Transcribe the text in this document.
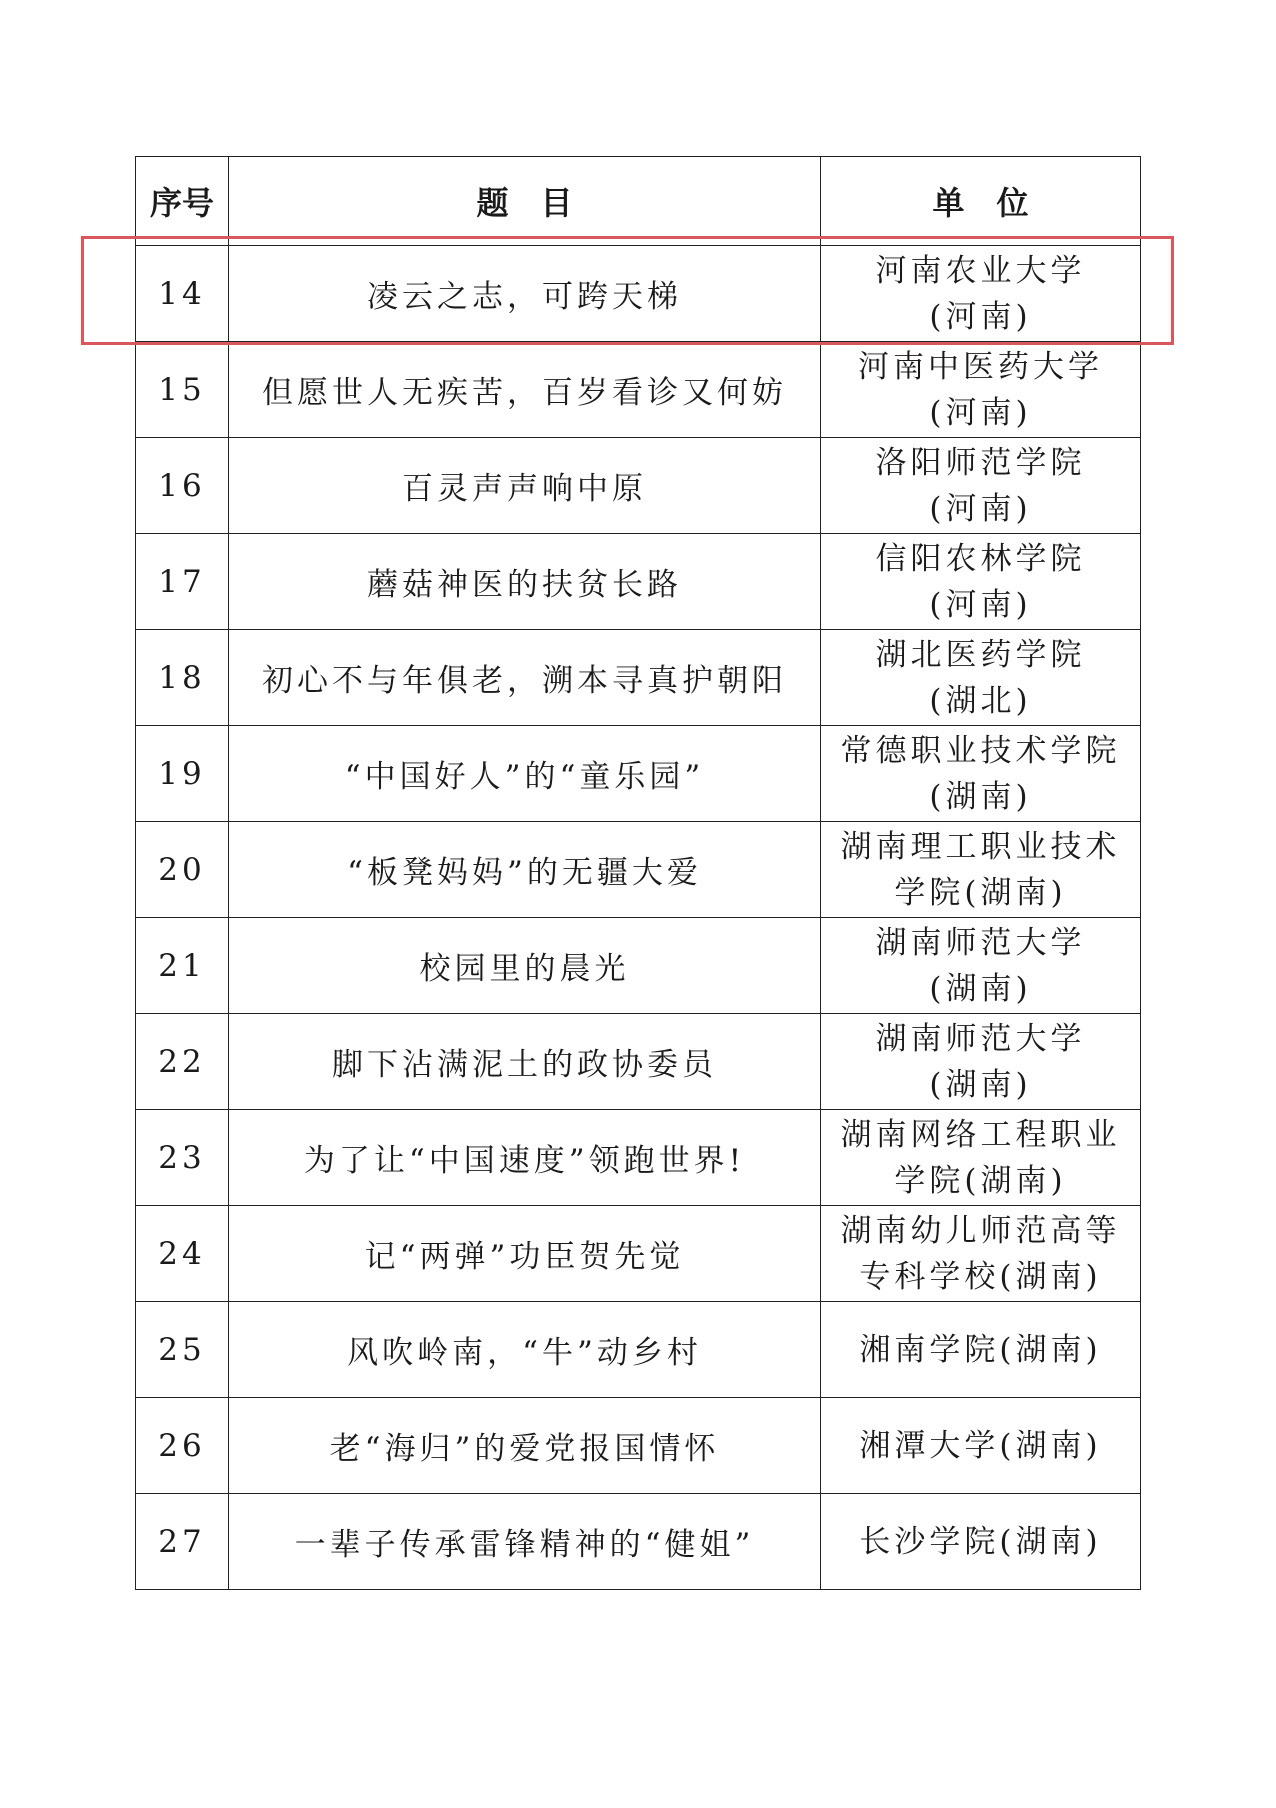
序号	题　目	单　位
14	凌云之志，可跨天梯	河南农业大学
(河南)

15	但愿世人无疾苦，百岁看诊又何妨	河南中医药大学
(河南)

16	百灵声声响中原	洛阳师范学院
(河南)

17	蘑菇神医的扶贫长路	信阳农林学院
(河南)

18	初心不与年俱老，溯本寻真护朝阳	湖北医药学院
(湖北)

19	“中国好人”的“童乐园”	常德职业技术学院
(湖南)

20	“板凳妈妈”的无疆大爱	湖南理工职业技术
学院(湖南)

21	校园里的晨光	湖南师范大学
(湖南)

22	脚下沾满泥土的政协委员	湖南师范大学
(湖南)

23	为了让“中国速度”领跑世界!	湖南网络工程职业
学院(湖南)

24	记“两弹”功臣贺先觉	湖南幼儿师范高等
专科学校(湖南)

25	风吹岭南，“牛”动乡村	湘南学院(湖南)

26	老“海归”的爱党报国情怀	湘潭大学(湖南)

27	一辈子传承雷锋精神的“健姐”	长沙学院(湖南)
